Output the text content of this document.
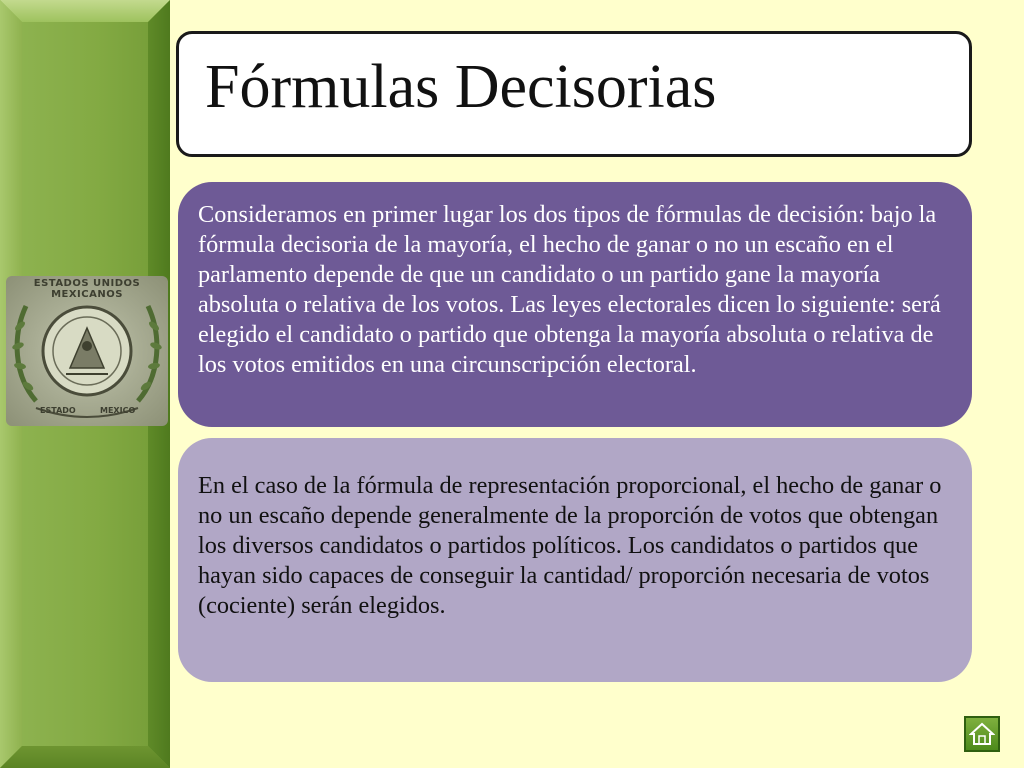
ESTADOS UNIDOS MEXICANOS
ESTADO	MEXICO
Fórmulas Decisorias
Consideramos en primer lugar los dos tipos de fórmulas de decisión: bajo la fórmula decisoria de la mayoría, el hecho de ganar o no un escaño en el parlamento depende de que un candidato o un partido gane la mayoría absoluta o relativa de los votos. Las leyes electorales dicen lo siguiente: será elegido el candidato o partido que obtenga la mayoría absoluta o relativa de los votos emitidos en una circunscripción electoral.
En el caso de la fórmula de representación proporcional, el hecho de ganar o no un escaño depende generalmente de la proporción de votos que obtengan los diversos candidatos o partidos políticos. Los candidatos o partidos que hayan sido capaces de conseguir la cantidad/ proporción necesaria de votos (cociente) serán elegidos.
